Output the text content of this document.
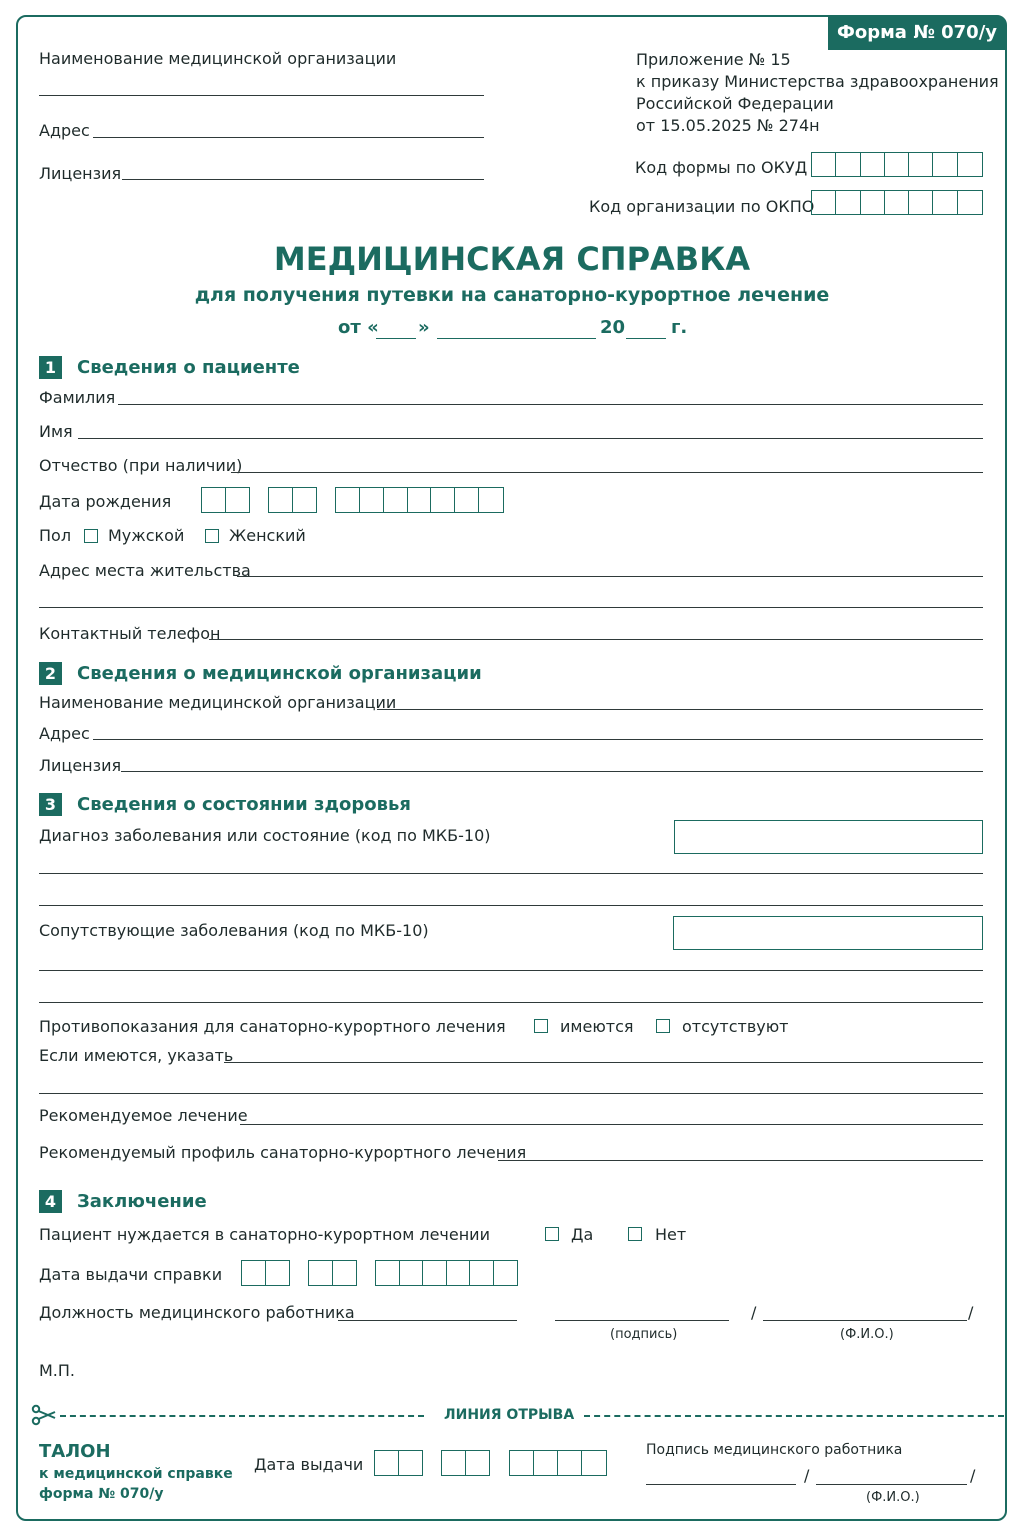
Форма № 070/у
Наименование медицинской организации
Адрес
Лицензия
Приложение № 15
к приказу Министерства здравоохранения
Российской Федерации
от 15.05.2025 № 274н
Код формы по ОКУД
Код организации по ОКПО
МЕДИЦИНСКАЯ СПРАВКА
для получения путевки на санаторно-курортное лечение
от « »	20	г.
1	Сведения о пациенте
Фамилия
Имя
Отчество (при наличии)
Дата рождения
Пол Мужской	Женский
Адрес места жительства
Контактный телефон
2	Сведения о медицинской организации
Наименование медицинской организации
Адрес
Лицензия
3	Сведения о состоянии здоровья
Диагноз заболевания или состояние (код по МКБ-10)
Сопутствующие заболевания (код по МКБ-10)
Противопоказания для санаторно-курортного лечения	имеются	отсутствуют
Если имеются, указать
Рекомендуемое лечение
Рекомендуемый профиль санаторно-курортного лечения
4	Заключение
Пациент нуждается в санаторно-курортном лечении	Да	Нет
Дата выдачи справки
Должность медицинского работника	/	/
(подпись)	(Ф.И.О.)
М.П.
ЛИНИЯ ОТРЫВА
ТАЛОН
к медицинской справке
форма № 070/у
Дата выдачи
Подпись медицинского работника
/	/
(Ф.И.О.)
